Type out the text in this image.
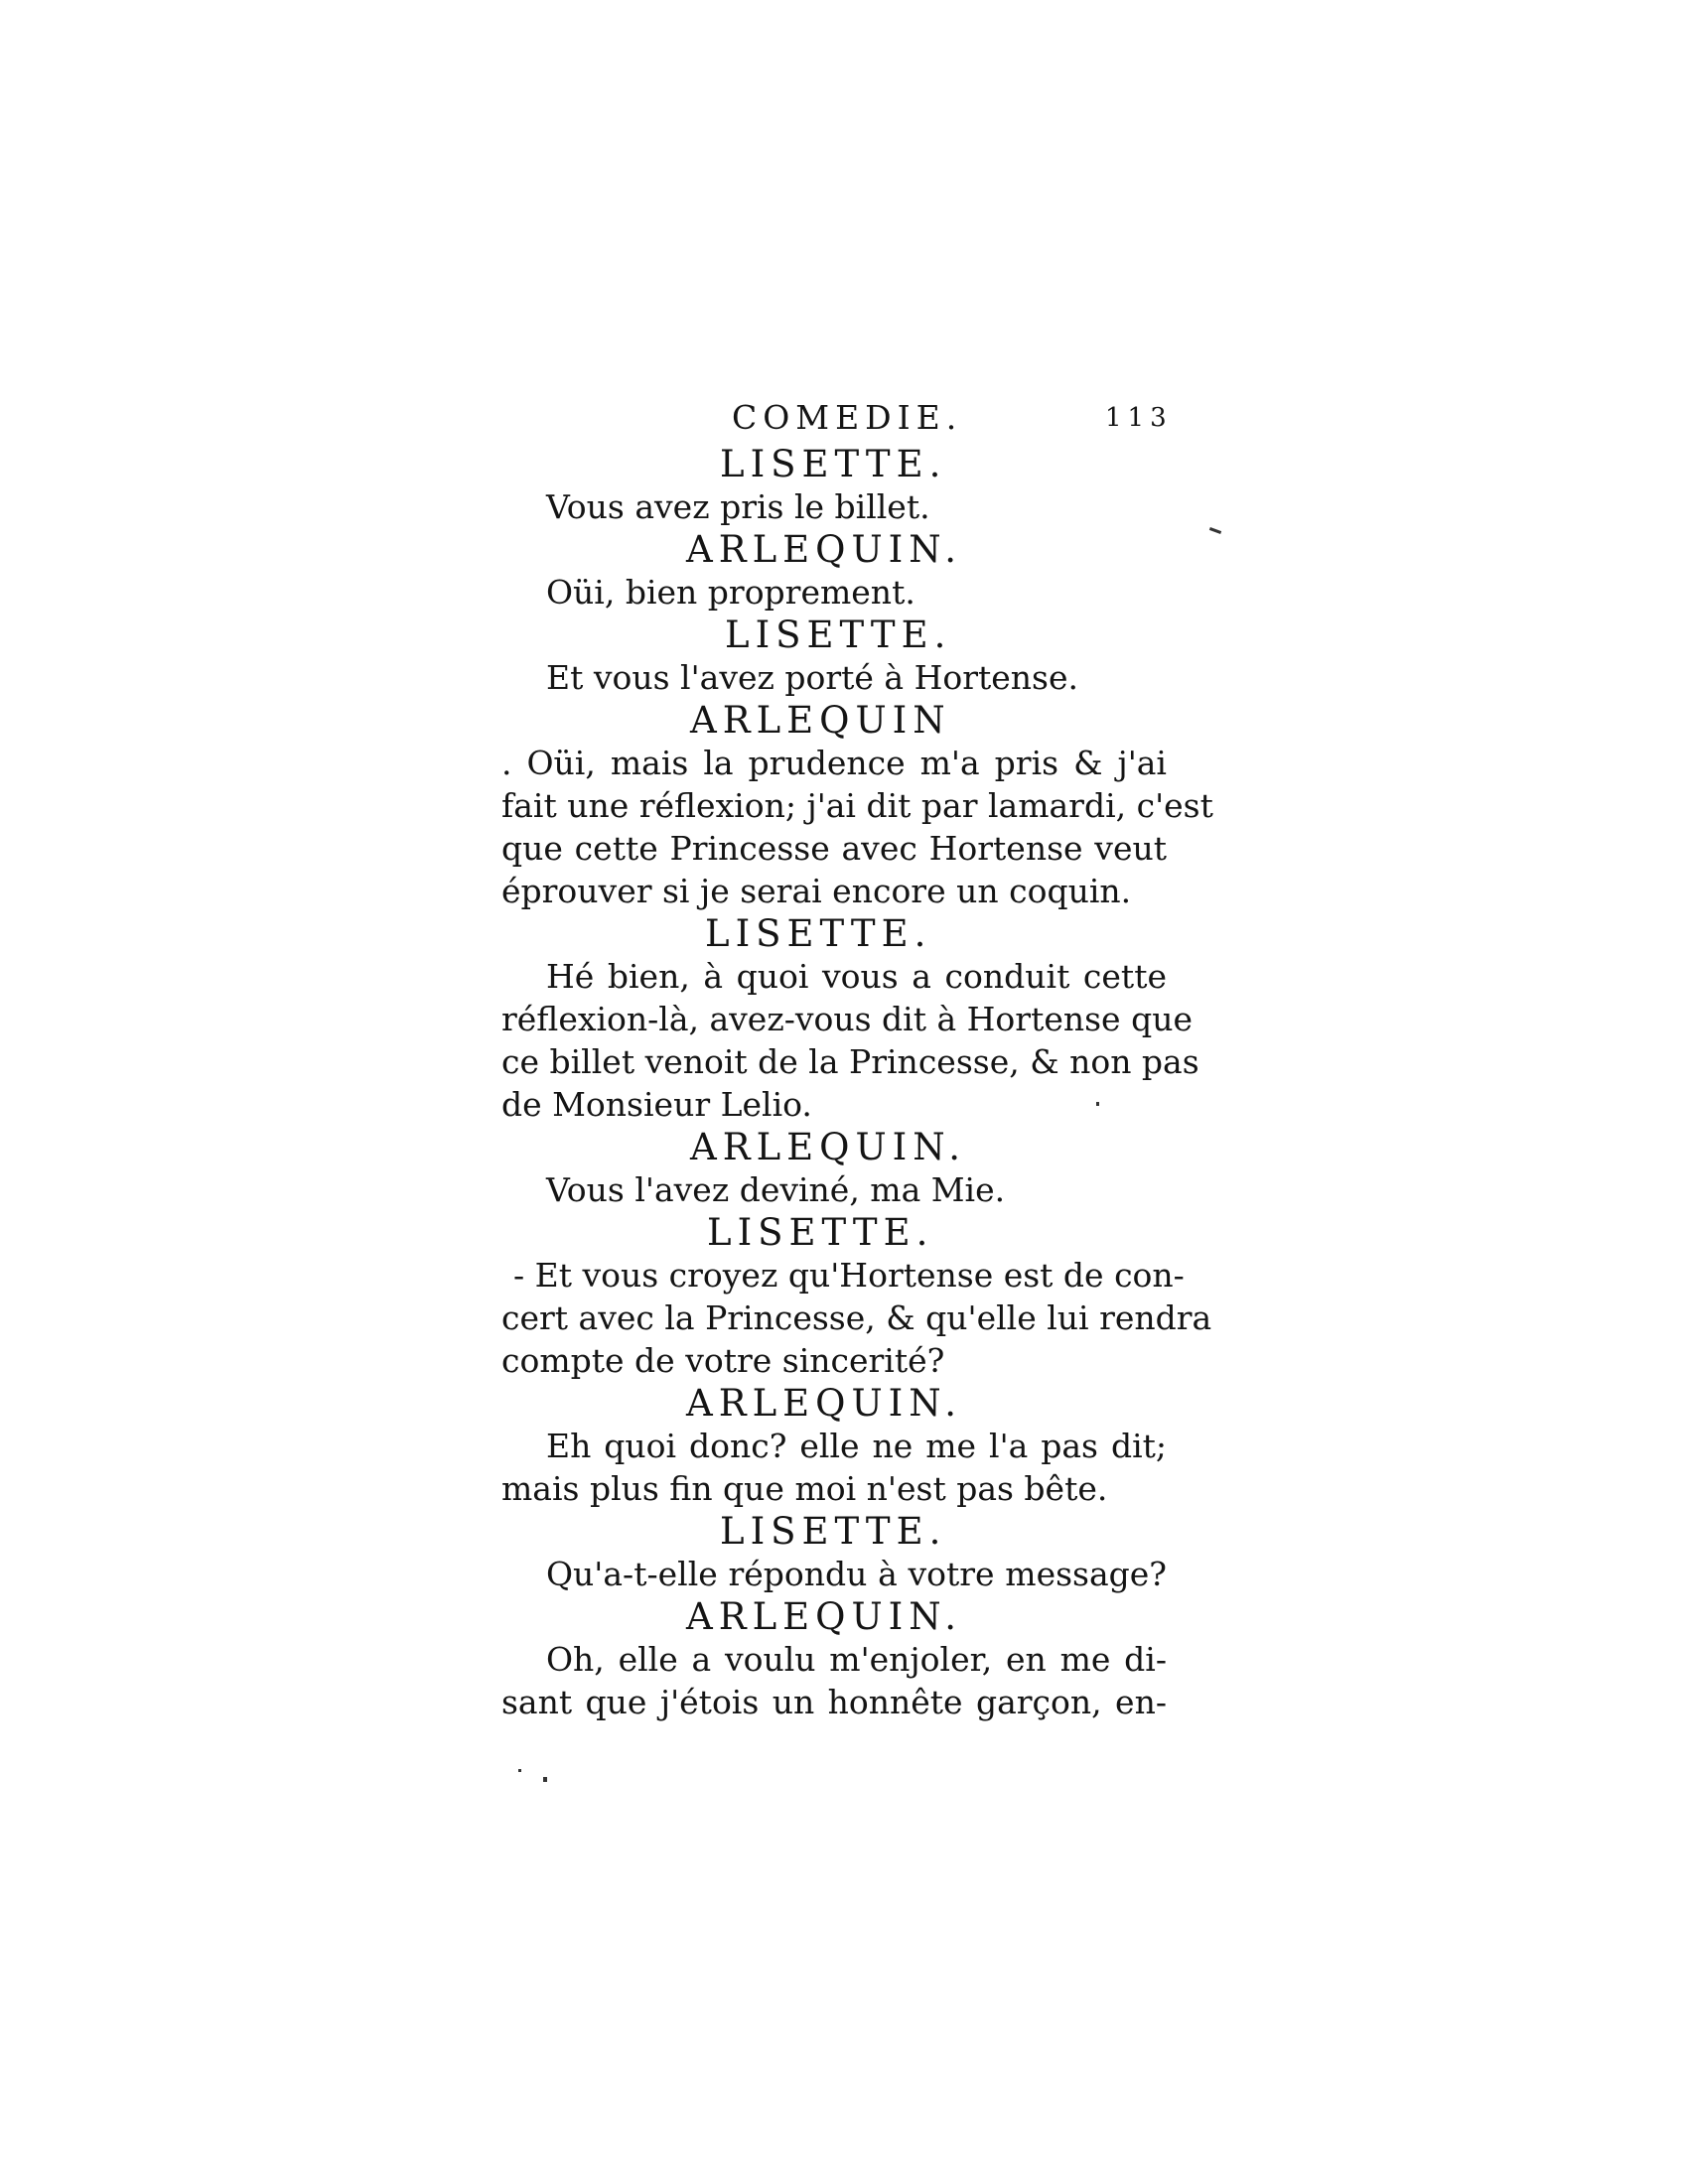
COMEDIE.	113
LISETTE.
Vous avez pris le billet.
ARLEQUIN.
Oüi, bien proprement.
LISETTE.
Et vous l'avez porté à Hortense.
ARLEQUIN
. Oüi, mais la prudence m'a pris & j'ai
fait une réflexion; j'ai dit par lamardi, c'est
que cette Princesse avec Hortense veut
éprouver si je serai encore un coquin.
LISETTE.
Hé bien, à quoi vous a conduit cette
réflexion-là, avez-vous dit à Hortense que
ce billet venoit de la Princesse, & non pas
de Monsieur Lelio.
ARLEQUIN.
Vous l'avez deviné, ma Mie.
LISETTE.
- Et vous croyez qu'Hortense est de con-
cert avec la Princesse, & qu'elle lui rendra
compte de votre sincerité?
ARLEQUIN.
Eh quoi donc? elle ne me l'a pas dit;
mais plus fin que moi n'est pas bête.
LISETTE.
Qu'a-t-elle répondu à votre message?
ARLEQUIN.
Oh, elle a voulu m'enjoler, en me di-
sant que j'étois un honnête garçon, en-
